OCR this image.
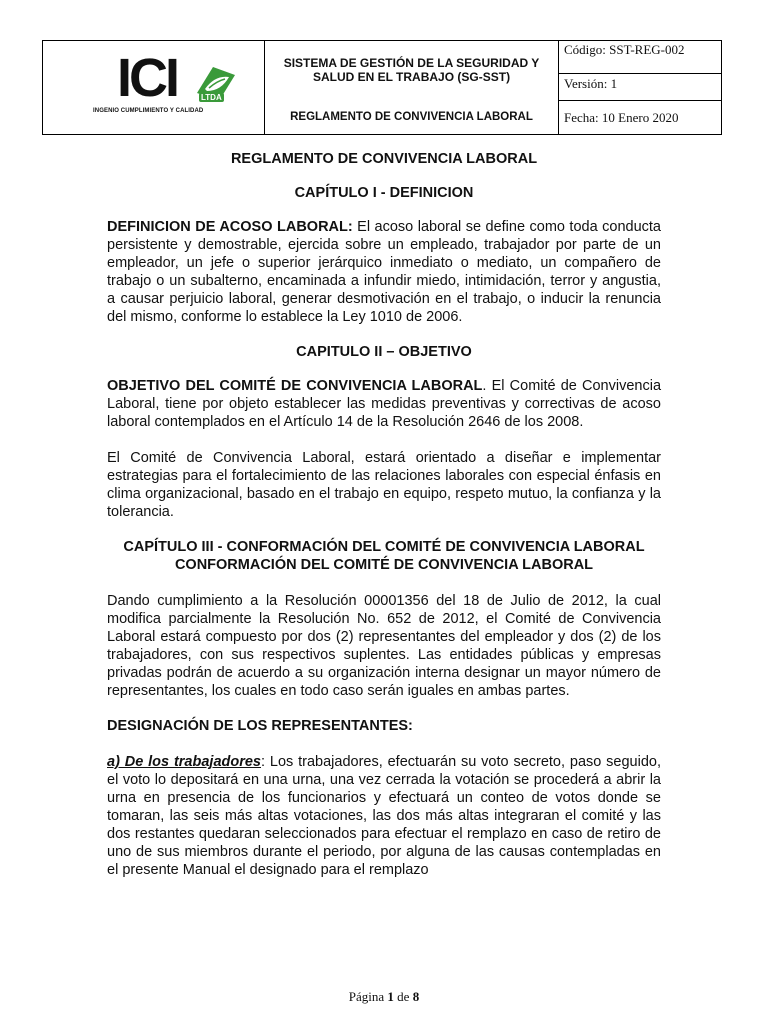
ICI	LTDA
INGENIO CUMPLIMIENTO Y CALIDAD
SISTEMA DE GESTIÓN DE LA SEGURIDAD Y SALUD EN EL TRABAJO (SG-SST)
REGLAMENTO DE CONVIVENCIA LABORAL
Código: SST-REG-002
Versión: 1
Fecha: 10 Enero 2020

REGLAMENTO DE CONVIVENCIA LABORAL

CAPÍTULO I - DEFINICION

DEFINICION DE ACOSO LABORAL: El acoso laboral se define como toda conducta persistente y demostrable, ejercida sobre un empleado, trabajador por parte de un empleador, un jefe o superior jerárquico inmediato o mediato, un compañero de trabajo o un subalterno, encaminada a infundir miedo, intimidación, terror y angustia, a causar perjuicio laboral, generar desmotivación en el trabajo, o inducir la renuncia del mismo, conforme lo establece la Ley 1010 de 2006.

CAPITULO II – OBJETIVO

OBJETIVO DEL COMITÉ DE CONVIVENCIA LABORAL. El Comité de Convivencia Laboral, tiene por objeto establecer las medidas preventivas y correctivas de acoso laboral contemplados en el Artículo 14 de la Resolución 2646 de los 2008.

El Comité de Convivencia Laboral, estará orientado a diseñar e implementar estrategias para el fortalecimiento de las relaciones laborales con especial énfasis en clima organizacional, basado en el trabajo en equipo, respeto mutuo, la confianza y la tolerancia.

CAPÍTULO III - CONFORMACIÓN DEL COMITÉ DE CONVIVENCIA LABORAL

CONFORMACIÓN DEL COMITÉ DE CONVIVENCIA LABORAL

Dando cumplimiento a la Resolución 00001356 del 18 de Julio de 2012, la cual modifica parcialmente la Resolución No. 652 de 2012, el Comité de Convivencia Laboral estará compuesto por dos (2) representantes del empleador y dos (2) de los trabajadores, con sus respectivos suplentes. Las entidades públicas y empresas privadas podrán de acuerdo a su organización interna designar un mayor número de representantes, los cuales en todo caso serán iguales en ambas partes.

DESIGNACIÓN DE LOS REPRESENTANTES:

a) De los trabajadores: Los trabajadores, efectuarán su voto secreto, paso seguido, el voto lo depositará en una urna, una vez cerrada la votación se procederá a abrir la urna en presencia de los funcionarios y efectuará un conteo de votos donde se tomaran, las seis más altas votaciones, las dos más altas integraran el comité y las dos restantes quedaran seleccionados para efectuar el remplazo en caso de retiro de uno de sus miembros durante el periodo, por alguna de las causas contempladas en el presente Manual el designado para el remplazo

Página 1 de 8
